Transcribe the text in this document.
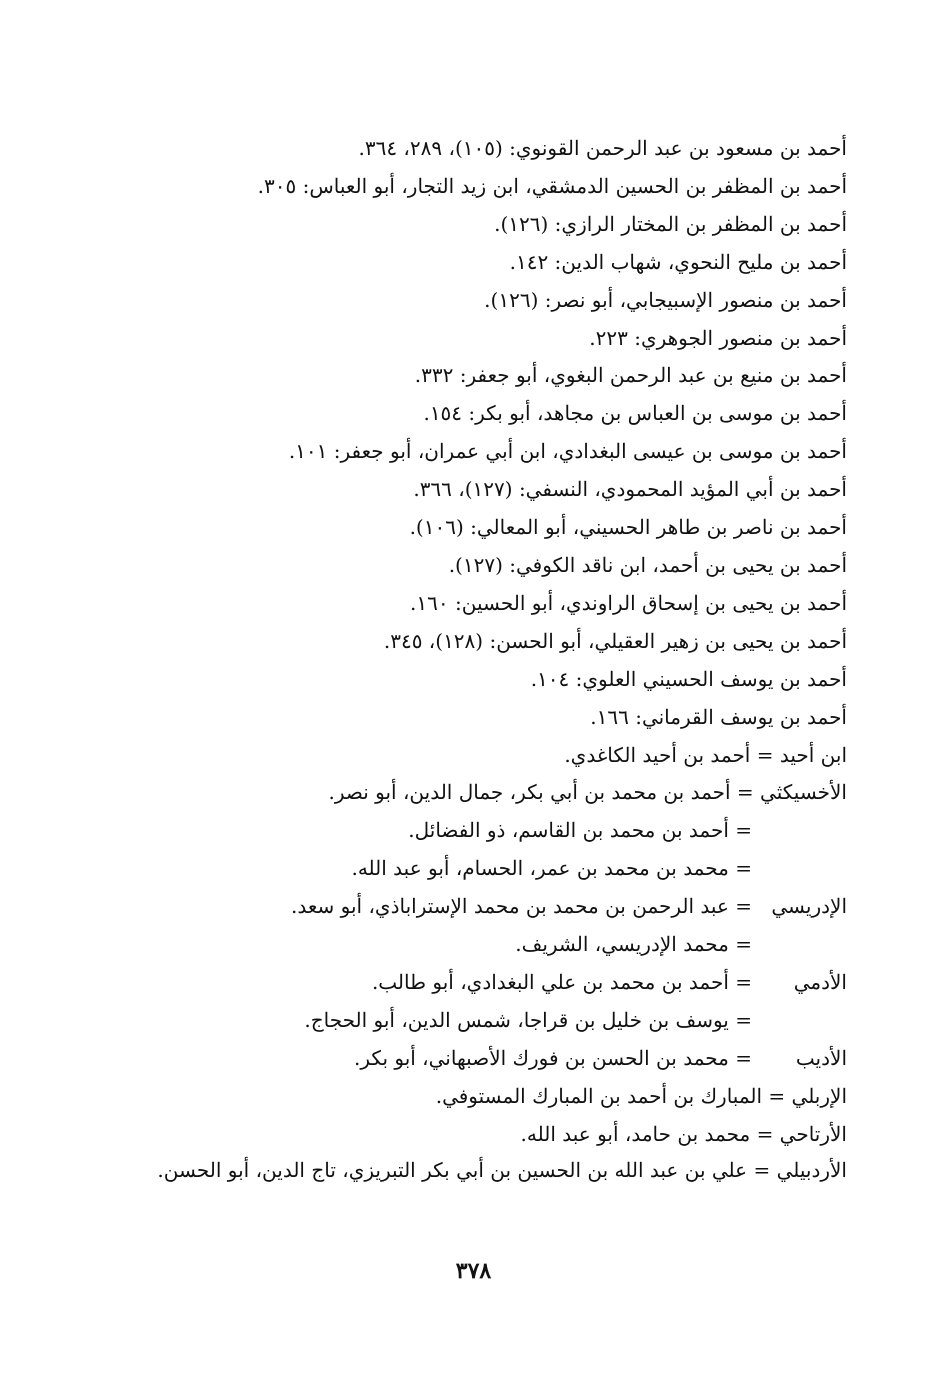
أحمد بن مسعود بن عبد الرحمن القونوي: (١٠٥)، ٢٨٩، ٣٦٤.
أحمد بن المظفر بن الحسين الدمشقي، ابن زيد التجار، أبو العباس: ٣٠٥.
أحمد بن المظفر بن المختار الرازي: (١٢٦).
أحمد بن مليح النحوي، شهاب الدين: ١٤٢.
أحمد بن منصور الإسبيجابي، أبو نصر: (١٢٦).
أحمد بن منصور الجوهري: ٢٢٣.
أحمد بن منيع بن عبد الرحمن البغوي، أبو جعفر: ٣٣٢.
أحمد بن موسى بن العباس بن مجاهد، أبو بكر: ١٥٤.
أحمد بن موسى بن عيسى البغدادي، ابن أبي عمران، أبو جعفر: ١٠١.
أحمد بن أبي المؤيد المحمودي، النسفي: (١٢٧)، ٣٦٦.
أحمد بن ناصر بن طاهر الحسيني، أبو المعالي: (١٠٦).
أحمد بن يحيى بن أحمد، ابن ناقد الكوفي: (١٢٧).
أحمد بن يحيى بن إسحاق الراوندي، أبو الحسين: ١٦٠.
أحمد بن يحيى بن زهير العقيلي، أبو الحسن: (١٢٨)، ٣٤٥.
أحمد بن يوسف الحسيني العلوي: ١٠٤.
أحمد بن يوسف القرماني: ١٦٦.
ابن أحيد = أحمد بن أحيد الكاغدي.
الأخسيكثي = أحمد بن محمد بن أبي بكر، جمال الدين، أبو نصر.
= أحمد بن محمد بن القاسم، ذو الفضائل.
= محمد بن محمد بن عمر، الحسام، أبو عبد الله.
الإدريسي= عبد الرحمن بن محمد بن محمد الإستراباذي، أبو سعد.
= محمد الإدريسي، الشريف.
الأدمي= أحمد بن محمد بن علي البغدادي، أبو طالب.
= يوسف بن خليل بن قراجا، شمس الدين، أبو الحجاج.
الأديب= محمد بن الحسن بن فورك الأصبهاني، أبو بكر.
الإربلي = المبارك بن أحمد بن المبارك المستوفي.
الأرتاحي = محمد بن حامد، أبو عبد الله.
الأردبيلي = علي بن عبد الله بن الحسين بن أبي بكر التبريزي، تاج الدين، أبو الحسن.
٣٧٨
